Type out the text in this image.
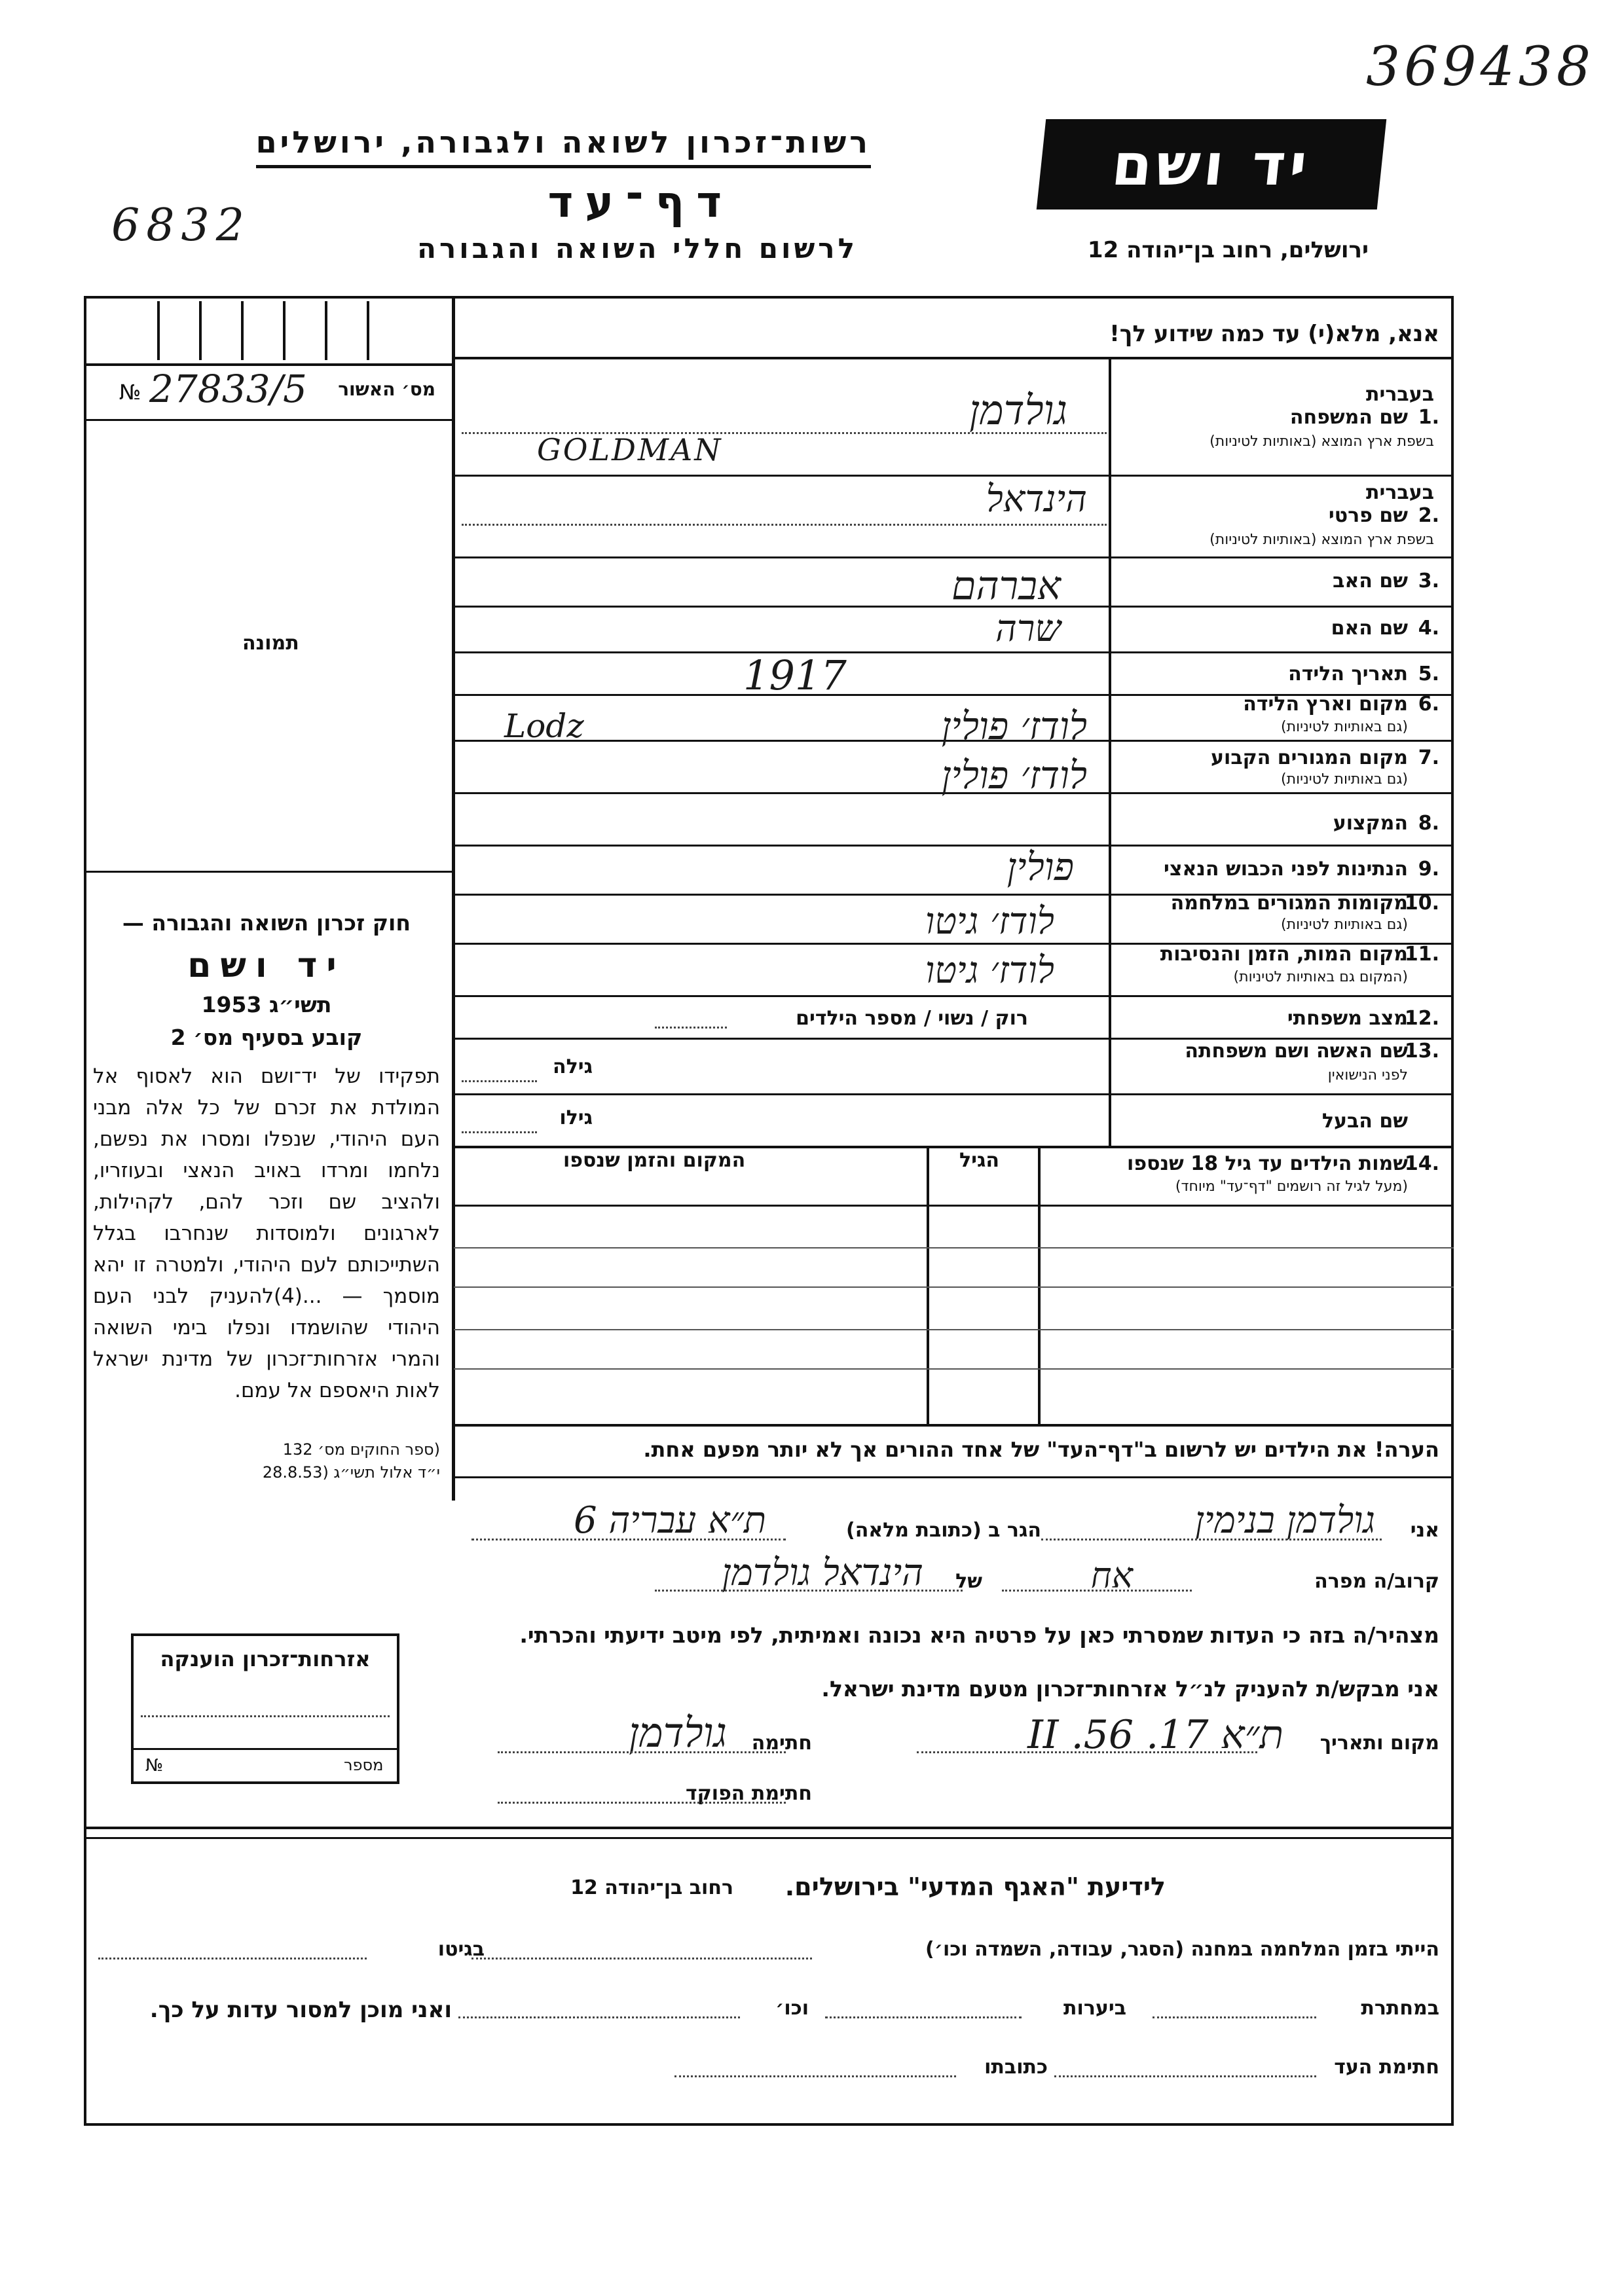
369438
6832
רשות־זכרון לשואה ולגבורה, ירושלים
דף־עד
לרשום חללי השואה והגבורה
יד ושם
ירושלים, רחוב בן־יהודה 12
מס׳ האשור
№ 27833/5
תמונה
חוק זכרון השואה והגבורה —
יד ושם
תשי״ג 1953
קובע בסעיף מס׳ 2
תפקידו של יד־ושם הוא לאסוף אל המולדת את זכרם של כל אלה מבני העם היהודי, שנפלו ומסרו את נפשם, נלחמו ומרדו באויב הנאצי ובעוזריו, ולהציב שם וזכר להם, לקהילות, לארגונים ולמוסדות שנחרבו בגלל השתייכותם לעם היהודי, ולמטרה זו יהא מוסמך — ...(4)להעניק לבני העם היהודי שהושמדו ונפלו בימי השואה והמרי אזרחות־זכרון של מדינת ישראל לאות היאספם אל עמם.
(ספר החוקים מס׳ 132
י״ד אלול תשי״ג (28.8.53
אזרחות־זכרון הוענקה
№	מספר
אנא, מלא(י) עד כמה שידוע לך!
בעברית
1.
שם המשפחה
בשפת ארץ המוצא (באותיות לטיניות)
גולדמן
GOLDMAN
בעברית
2.
שם פרטי
בשפת ארץ המוצא (באותיות לטיניות)
הינדאל
3.
שם האב
אברהם
4.
שם האם
שרה
5.
תאריך הלידה
1917
6.
מקום וארץ הלידה
(גם באותיות לטיניות)
Lodz	לודז׳ פולין
7.
מקום המגורים הקבוע
(גם באותיות לטיניות)
לודז׳ פולין
8.
המקצוע
9.
הנתינות לפני הכבוש הנאצי
פולין
10.
מקומות המגורים במלחמה
(גם באותיות לטיניות)
לודז׳ גיטו
11.
מקום המות, הזמן והנסיבות
(המקום גם באותיות לטיניות)
לודז׳ גיטו
12.
מצב משפחתי
רוק / נשוי / מספר הילדים
13.
שם האשה ושם משפחתה
לפני הנישואין
גילה
שם הבעל
גילו
14.
שמות הילדים עד גיל 18 שנספו
(מעל לגיל זה רושמים "דף־עד" מיוחד)
הגיל
המקום והזמן שנספו
הערה! את הילדים יש לרשום ב"דף־העד" של אחד ההורים אך לא יותר מפעם אחת.
אני
גולדמן בנימין
הגר ב (כתובת מלאה)
ת״א עבריה 6
קרוב/ה מפרה
אח
של
הינדאל גולדמן
מצהיר/ה בזה כי העדות שמסרתי כאן על פרטיה היא נכונה ואמיתית, לפי מיטב ידיעתי והכרתי.
אני מבקש/ת להעניק לנ״ל אזרחות־זכרון מטעם מדינת ישראל.
מקום ותאריך
ת״א 17. II .56
חתימה
גולדמן
חתימת הפוקד
לידיעת "האגף המדעי" בירושלים.
רחוב בן־יהודה 12
הייתי בזמן המלחמה במחנה (הסגר, עבודה, השמדה וכו׳)
בגיטו
במחתרת
ביערות
וכו׳
ואני מוכן למסור עדות על כך.
חתימת העד
כתובתו
